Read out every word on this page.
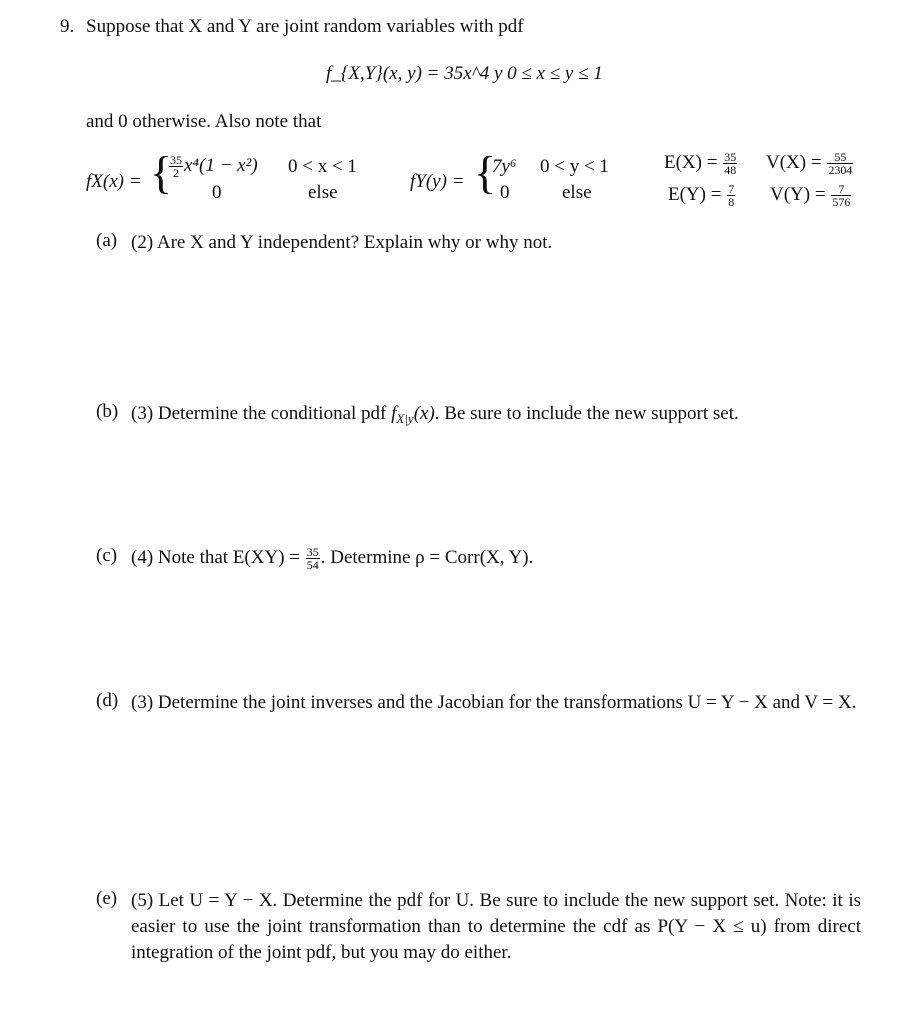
9. Suppose that X and Y are joint random variables with pdf
f_{X,Y}(x, y) = 35x^4 y 0 ≤ x ≤ y ≤ 1
and 0 otherwise. Also note that
fX(x) = {
$\frac{35}{2} x^4(1 - x^2) 0 < x < 1$
0	else
fY(y) = {
7y⁶ 0 < y < 1
0	else
$E(X) = \frac{35}{48} V(X) = \frac{55}{2304}$
$E(Y) = \frac{7}{8} V(Y) = \frac{7}{576}$
(a) (2) Are X and Y independent? Explain why or why not.
(b) (3) Determine the conditional pdf $f_{X|y}(x)$. Be sure to include the new support set.
(c) (4) Note that $E(XY) = \frac{35}{54}$ . Determine ρ = Corr(X, Y).
(d) (3) Determine the joint inverses and the Jacobian for the transformations U = Y − X and V = X.
(e) (5) Let U = Y − X. Determine the pdf for U. Be sure to include the new support set. Note: it is easier to use the joint transformation than to determine the cdf as P(Y − X ≤ u) from direct integration of the joint pdf, but you may do either.
